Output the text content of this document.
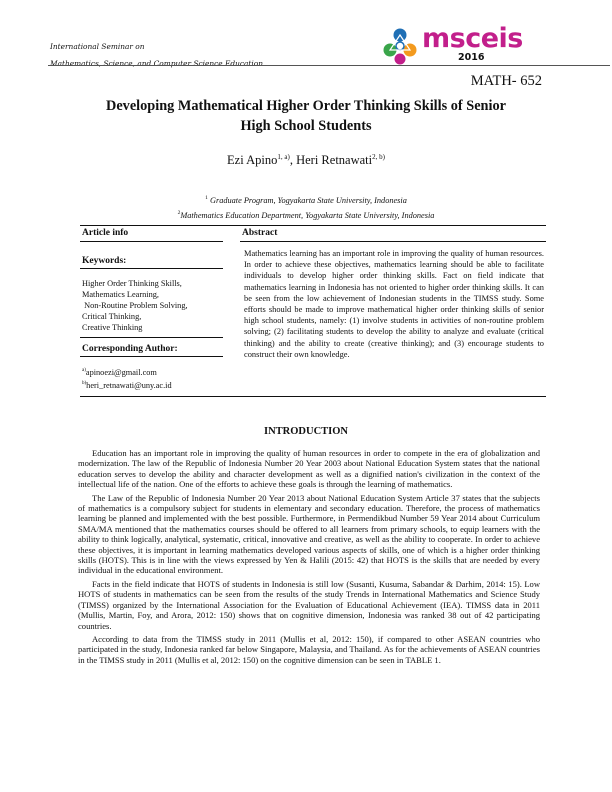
International Seminar on
Mathematics, Science, and Computer Science Education
msceis
2016
MATH- 652
Developing Mathematical Higher Order Thinking Skills of Senior
High School Students
Ezi Apino$^{1, a)}$, Heri Retnawati$^{2, b)}$
$^1$ Graduate Program, Yogyakarta State University, Indonesia
$^2$Mathematics Education Department, Yogyakarta State University, Indonesia
Article info
Keywords:
Higher Order Thinking Skills,
Mathematics Learning,
Non-Routine Problem Solving,
Critical Thinking,
Creative Thinking
Corresponding Author:
$^{a)}$apinoezi@gmail.com
$^{b)}$heri_retnawati@uny.ac.id
Abstract
Mathematics learning has an important role in improving the quality of human resources. In order to achieve these objectives, mathematics learning should be able to facilitate individuals to develop higher order thinking skills. Fact on field indicate that mathematics learning in Indonesia has not oriented to higher order thinking skills. It can be seen from the low achievement of Indonesian students in the TIMSS study. Some efforts should be made to improve mathematical higher order thinking skills of senior high school students, namely: (1) involve students in activities of non-routine problem solving; (2) facilitating students to develop the ability to analyze and evaluate (critical thinking) and the ability to create (creative thinking); and (3) encourage students to construct their own knowledge.
INTRODUCTION

Education has an important role in improving the quality of human resources in order to compete in the era of globalization and modernization. The law of the Republic of Indonesia Number 20 Year 2003 about National Education System states that the national education serves to develop the ability and character development as well as a dignified nation's civilization in the context of the intellectual life of the nation. One of the efforts to achieve these goals is through the learning of mathematics.

The Law of the Republic of Indonesia Number 20 Year 2013 about National Education System Article 37 states that the subjects of mathematics is a compulsory subject for students in elementary and secondary education. Therefore, the process of mathematics learning be planned and implemented with the best possible. Furthermore, in Permendikbud Number 59 Year 2014 about Curriculum SMA/MA mentioned that the mathematics courses should be offered to all learners from primary schools, to equip learners with the ability to think logically, analytical, systematic, critical, innovative and creative, as well as the ability to cooperate. In order to achieve these objectives, it is important in learning mathematics developed various aspects of skills, one of which is a higher order thinking skills (HOTS). This is in line with the views expressed by Yen & Halili (2015: 42) that HOTS is the skills that are needed by every individual in the educational environment.

Facts in the field indicate that HOTS of students in Indonesia is still low (Susanti, Kusuma, Sabandar & Darhim, 2014: 15). Low HOTS of students in mathematics can be seen from the results of the study Trends in International Mathematics and Science Study (TIMSS) organized by the International Association for the Evaluation of Educational Achievement (IEA). TIMSS data in 2011 (Mullis, Martin, Foy, and Arora, 2012: 150) shows that on cognitive dimension, Indonesia was ranked 38 out of 42 participating countries.

According to data from the TIMSS study in 2011 (Mullis et al, 2012: 150), if compared to other ASEAN countries who participated in the study, Indonesia ranked far below Singapore, Malaysia, and Thailand. As for the achievements of ASEAN countries in the TIMSS study in 2011 (Mullis et al, 2012: 150) on the cognitive dimension can be seen in TABLE 1.
